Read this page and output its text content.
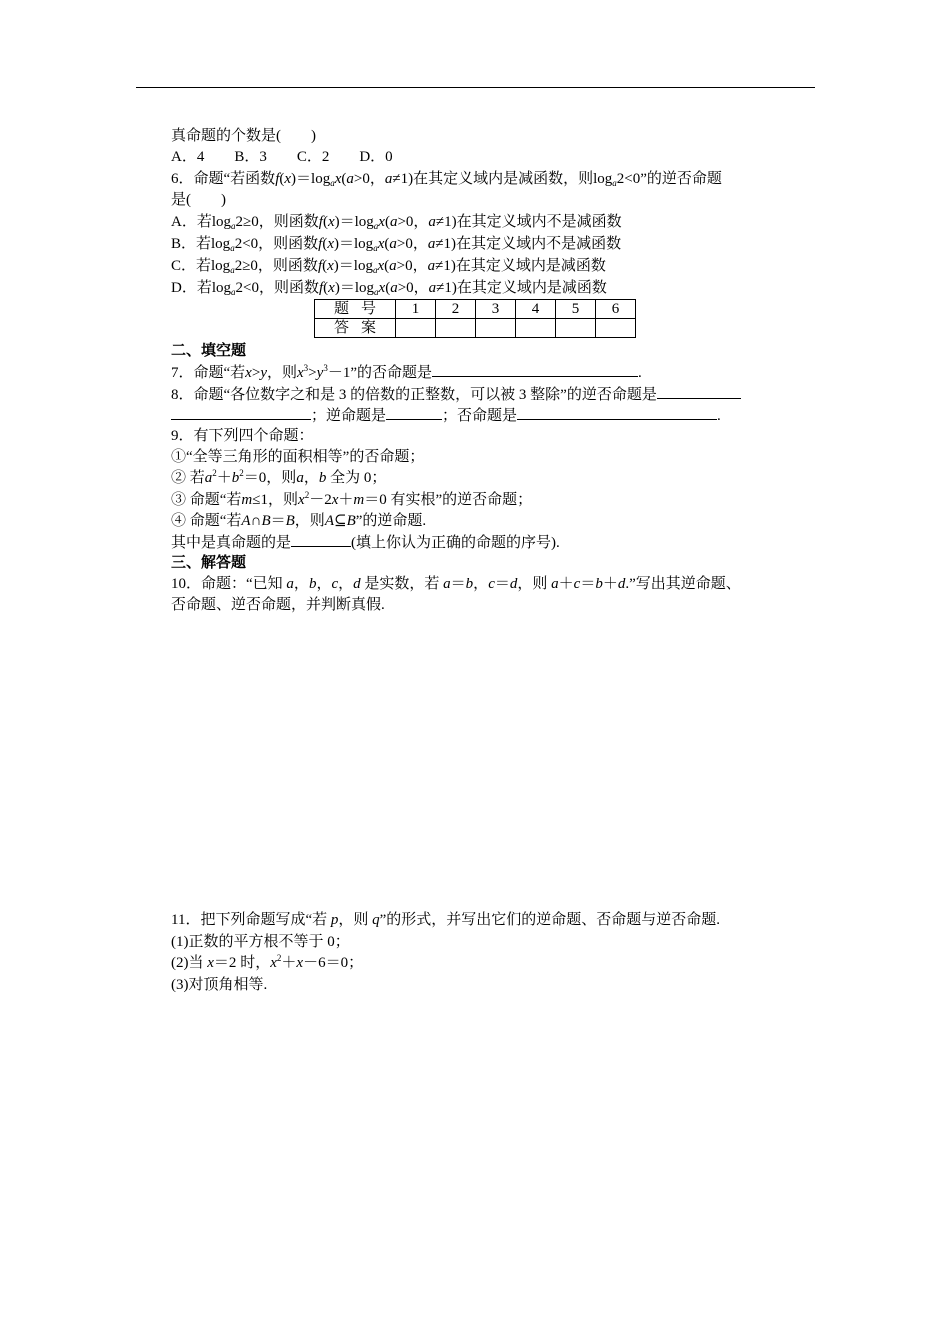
真命题的个数是(　　)
A．4　　B．3　　C．2　　D．0
6．命题“若函数$f(x)=\log_ax(a>0$，a≠1)在其定义域内是减函数，则$\log_a2<0$”的逆否命题
是(　　)
A．若$\log_a2\ge 0$，则函数$f(x)=\log_ax(a>0$，a≠1)在其定义域内不是减函数
B．若$\log_a2<0$，则函数$f(x)=\log_ax(a>0$，a≠1)在其定义域内不是减函数
C．若$\log_a2\ge 0$，则函数$f(x)=\log_ax(a>0$，a≠1)在其定义域内是减函数
D．若$\log_a2<0$，则函数$f(x)=\log_ax(a>0$，a≠1)在其定义域内是减函数
题号	1	2	3	4	5	6
答案						
二、填空题
7．命题“若x>y，则$x^3>y^3-1$”的否命题是	.
8．命题“各位数字之和是 3 的倍数的正整数，可以被 3 整除”的逆否命题是
；逆命题是	；否命题是	.
9．有下列四个命题：
①“全等三角形的面积相等”的否命题；
② 若$a^2+b^2=0$，则a，b 全为 0；
③ 命题“若m≤1，则$x^2-2x+m=0$ 有实根”的逆否命题；
④ 命题“若A∩B＝B，则A⊆B”的逆命题.
其中是真命题的是	(填上你认为正确的命题的序号).
三、解答题
10．命题：“已知 a，b，c，d 是实数，若 a＝b，c＝d，则 a＋c＝b＋d.”写出其逆命题、
否命题、逆否命题，并判断真假.
11．把下列命题写成“若 p，则 q”的形式，并写出它们的逆命题、否命题与逆否命题.
(1)正数的平方根不等于 0；
(2)当 x＝2 时，$x^2+x-6=0$；
(3)对顶角相等.
